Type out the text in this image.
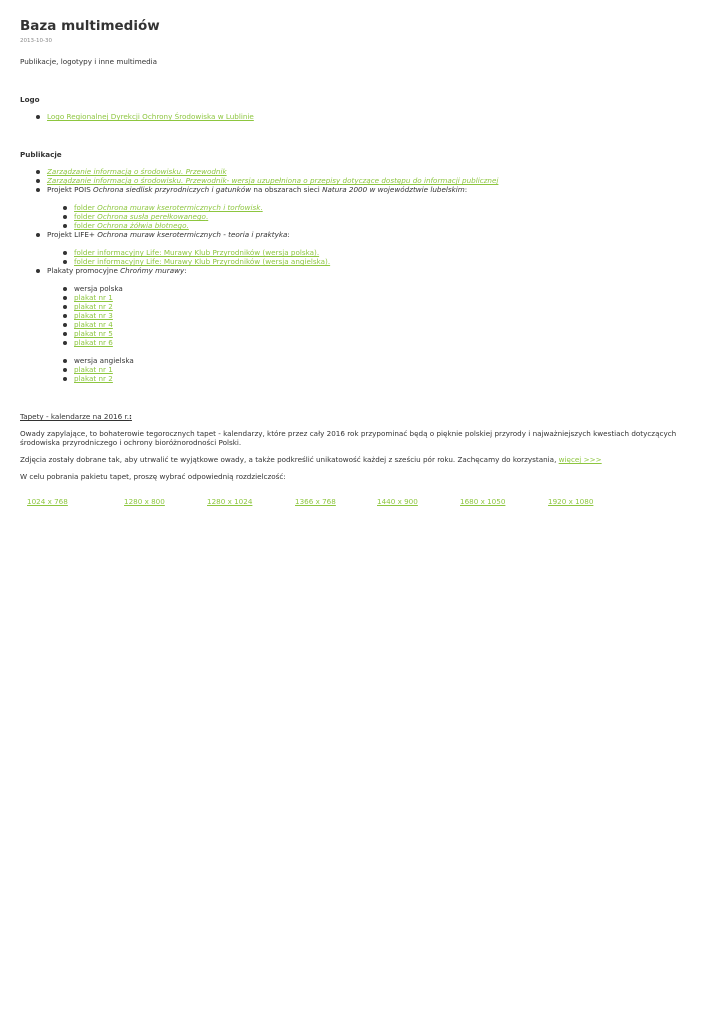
Baza multimediów
2013-10-30
Publikacje, logotypy i inne multimedia
Logo
Logo Regionalnej Dyrekcji Ochrony Środowiska w Lublinie
Publikacje
Zarządzanie informacją o środowisku. Przewodnik
Zarządzanie informacją o środowisku. Przewodnik- wersja uzupełniona o przepisy dotyczące dostępu do informacji publicznej
Projekt POIS Ochrona siedlisk przyrodniczych i gatunków na obszarach sieci Natura 2000 w województwie lubelskim:
folder Ochrona muraw kserotermicznych i torfowisk.
folder Ochrona susła perełkowanego.
folder Ochrona żółwia błotnego.
Projekt LIFE+ Ochrona muraw kserotermicznych - teoria i praktyka:
folder informacyjny Life: Murawy Klub Przyrodników (wersja polska).
folder informacyjny Life: Murawy Klub Przyrodników (wersja angielska).
Plakaty promocyjne Chrońmy murawy:
wersja polska
plakat nr 1
plakat nr 2
plakat nr 3
plakat nr 4
plakat nr 5
plakat nr 6
wersja angielska
plakat nr 1
plakat nr 2
Tapety - kalendarze na 2016 r.:
Owady zapylające, to bohaterowie tegorocznych tapet - kalendarzy, które przez cały 2016 rok przypominać będą o pięknie polskiej przyrody i najważniejszych kwestiach dotyczących środowiska przyrodniczego i ochrony bioróżnorodności Polski.
Zdjęcia zostały dobrane tak, aby utrwalić te wyjątkowe owady, a także podkreślić unikatowość każdej z sześciu pór roku. Zachęcamy do korzystania, więcej >>>
W celu pobrania pakietu tapet, proszę wybrać odpowiednią rozdzielczość:
1024 x 768	1280 x 800	1280 x 1024	1366 x 768	1440 x 900	1680 x 1050	1920 x 1080
